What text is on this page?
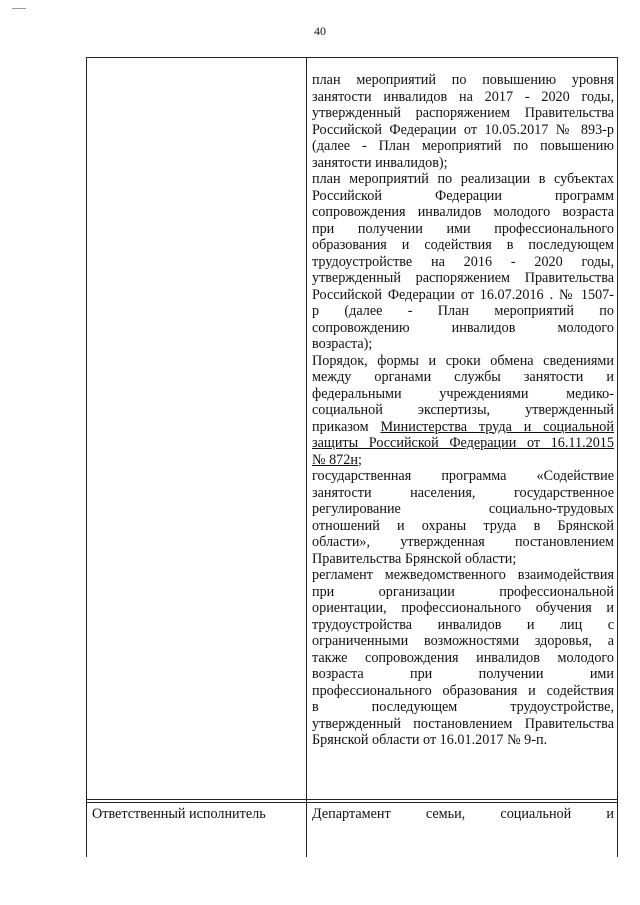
40
план мероприятий по повышению уровня
занятости инвалидов на 2017 - 2020 годы,
утвержденный распоряжением Правительства
Российской Федерации от 10.05.2017 № 893-р
(далее - План мероприятий по повышению
занятости инвалидов);
план мероприятий по реализации в субъектах
Российской Федерации программ
сопровождения инвалидов молодого возраста
при получении ими профессионального
образования и содействия в последующем
трудоустройстве на 2016 - 2020 годы,
утвержденный распоряжением Правительства
Российской Федерации от 16.07.2016 . № 1507-
р (далее - План мероприятий по
сопровождению инвалидов молодого
возраста);
Порядок, формы и сроки обмена сведениями
между органами службы занятости и
федеральными учреждениями медико-
социальной экспертизы, утвержденный
приказом Министерства труда и социальной
защиты Российской Федерации от 16.11.2015
№ 872н;
государственная программа «Содействие
занятости населения, государственное
регулирование социально-трудовых
отношений и охраны труда в Брянской
области», утвержденная постановлением
Правительства Брянской области;
регламент межведомственного взаимодействия
при организации профессиональной
ориентации, профессионального обучения и
трудоустройства инвалидов и лиц с
ограниченными возможностями здоровья, а
также сопровождения инвалидов молодого
возраста при получении ими
профессионального образования и содействия
в последующем трудоустройстве,
утвержденный постановлением Правительства
Брянской области от 16.01.2017 № 9-п.
Ответственный исполнитель	Департамент семьи, социальной и
